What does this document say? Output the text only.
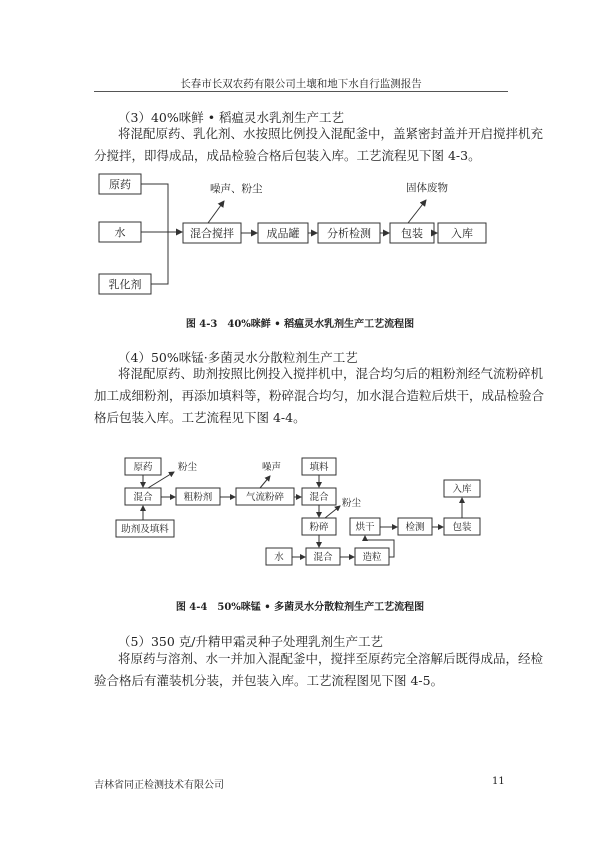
长春市长双农药有限公司土壤和地下水自行监测报告
（3）40%咪鲜 • 稻瘟灵水乳剂生产工艺
将混配原药、乳化剂、水按照比例投入混配釜中，盖紧密封盖并开启搅拌机充
分搅拌，即得成品，成品检验合格后包装入库。工艺流程见下图 4-3。
原药
水
乳化剂
混合搅拌	成品罐	分析检测	包装	入库
噪声、粉尘	固体废物
图 4-3　40%咪鲜 • 稻瘟灵水乳剂生产工艺流程图
（4）50%咪锰·多菌灵水分散粒剂生产工艺
将混配原药、助剂按照比例投入搅拌机中，混合均匀后的粗粉剂经气流粉碎机
加工成细粉剂，再添加填料等，粉碎混合均匀，加水混合造粒后烘干，成品检验合
格后包装入库。工艺流程见下图 4-4。
原药
混合
助剂及填料
粗粉剂	气流粉碎
填料
混合
粉碎	烘干	检测	包装
入库
水	混合	造粒
粉尘	噪声
粉尘
图 4-4　50%咪锰 • 多菌灵水分散粒剂生产工艺流程图
（5）350 克/升精甲霜灵种子处理乳剂生产工艺
将原药与溶剂、水一并加入混配釜中，搅拌至原药完全溶解后既得成品，经检
验合格后有灌装机分装，并包装入库。工艺流程图见下图 4-5。
吉林省同正检测技术有限公司	11
